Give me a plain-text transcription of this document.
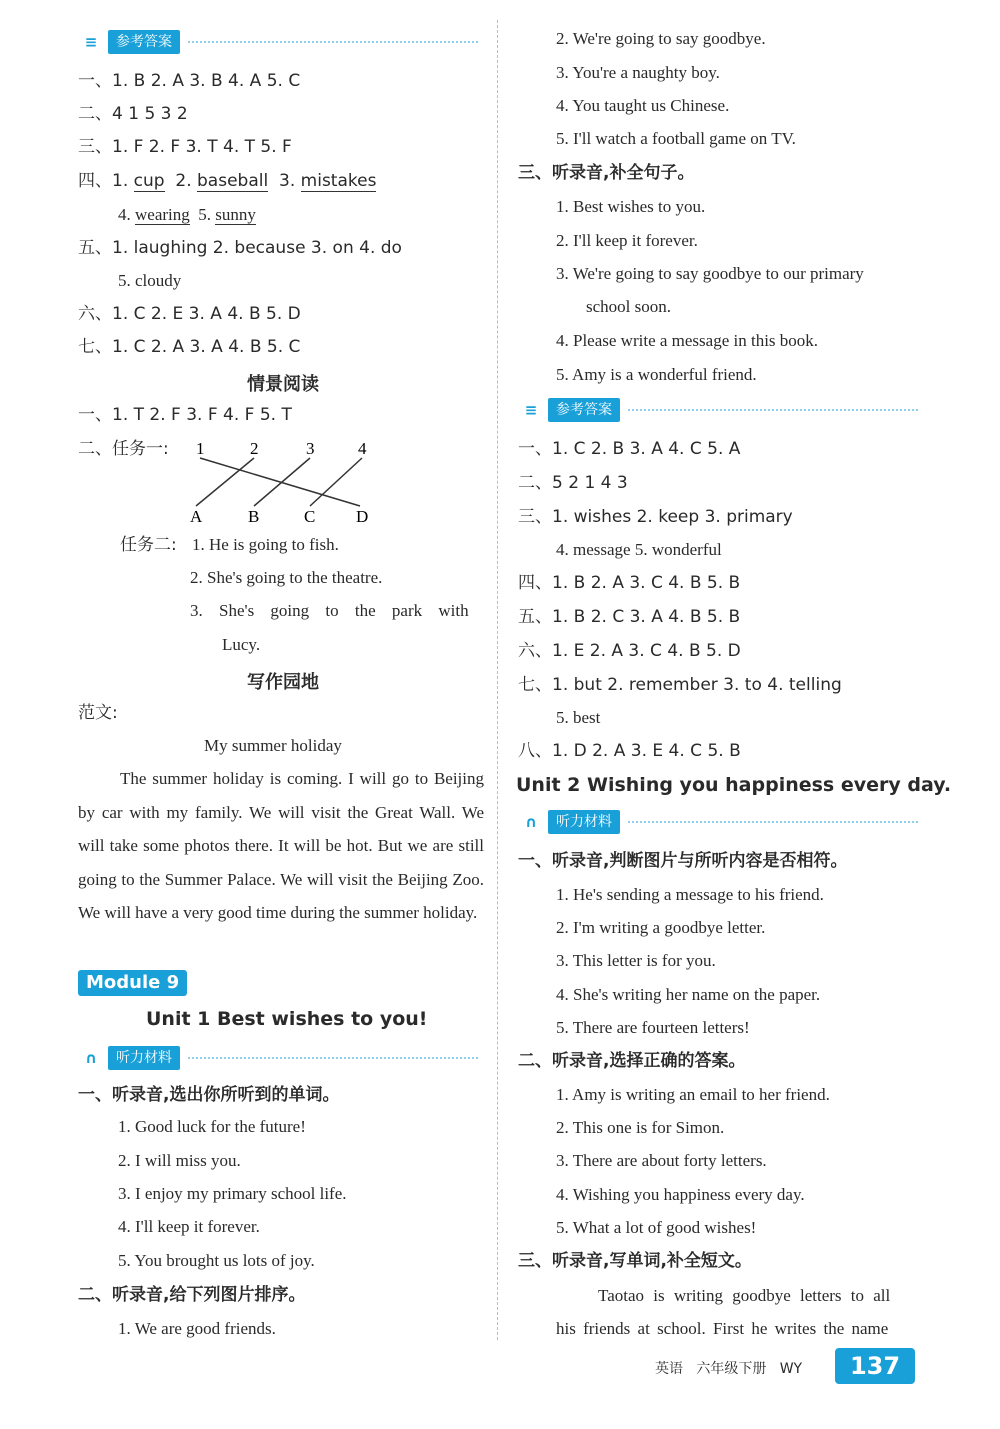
≡	参考答案
一、1. B 2. A 3. B 4. A 5. C
二、4 1 5 3 2
三、1. F 2. F 3. T 4. T 5. F
四、1. cup 2. baseball 3. mistakes
4. wearing 5. sunny
五、1. laughing 2. because 3. on 4. do
5. cloudy
六、1. C 2. E 3. A 4. B 5. D
七、1. C 2. A 3. A 4. B 5. C
情景阅读
一、1. T 2. F 3. F 4. F 5. T
二、任务一: 1	2	3	4
A	B	C D
任务二: 1. He is going to fish.
2. She's going to the theatre.
3. She's going to the park with
Lucy.
写作园地
范文:
My summer holiday
The summer holiday is coming. I will go to Beijing by car with my family. We will visit the Great Wall. We will take some photos there. It will be hot. But we are still going to the Summer Palace. We will visit the Beijing Zoo. We will have a very good time during the summer holiday.
Module 9
Unit 1 Best wishes to you!
∩	听力材料
一、听录音,选出你所听到的单词。
1. Good luck for the future!
2. I will miss you.
3. I enjoy my primary school life.
4. I'll keep it forever.
5. You brought us lots of joy.
二、听录音,给下列图片排序。
1. We are good friends.
2. We're going to say goodbye.
3. You're a naughty boy.
4. You taught us Chinese.
5. I'll watch a football game on TV.
三、听录音,补全句子。
1. Best wishes to you.
2. I'll keep it forever.
3. We're going to say goodbye to our primary
school soon.
4. Please write a message in this book.
5. Amy is a wonderful friend.
≡	参考答案
一、1. C 2. B 3. A 4. C 5. A
二、5 2 1 4 3
三、1. wishes 2. keep 3. primary
4. message 5. wonderful
四、1. B 2. A 3. C 4. B 5. B
五、1. B 2. C 3. A 4. B 5. B
六、1. E 2. A 3. C 4. B 5. D
七、1. but 2. remember 3. to 4. telling
5. best
八、1. D 2. A 3. E 4. C 5. B
Unit 2 Wishing you happiness every day.
∩	听力材料
一、听录音,判断图片与所听内容是否相符。
1. He's sending a message to his friend.
2. I'm writing a goodbye letter.
3. This letter is for you.
4. She's writing her name on the paper.
5. There are fourteen letters!
二、听录音,选择正确的答案。
1. Amy is writing an email to her friend.
2. This one is for Simon.
3. There are about forty letters.
4. Wishing you happiness every day.
5. What a lot of good wishes!
三、听录音,写单词,补全短文。
Taotao is writing goodbye letters to all
his friends at school. First he writes the name
英语 六年级下册 WY	137
